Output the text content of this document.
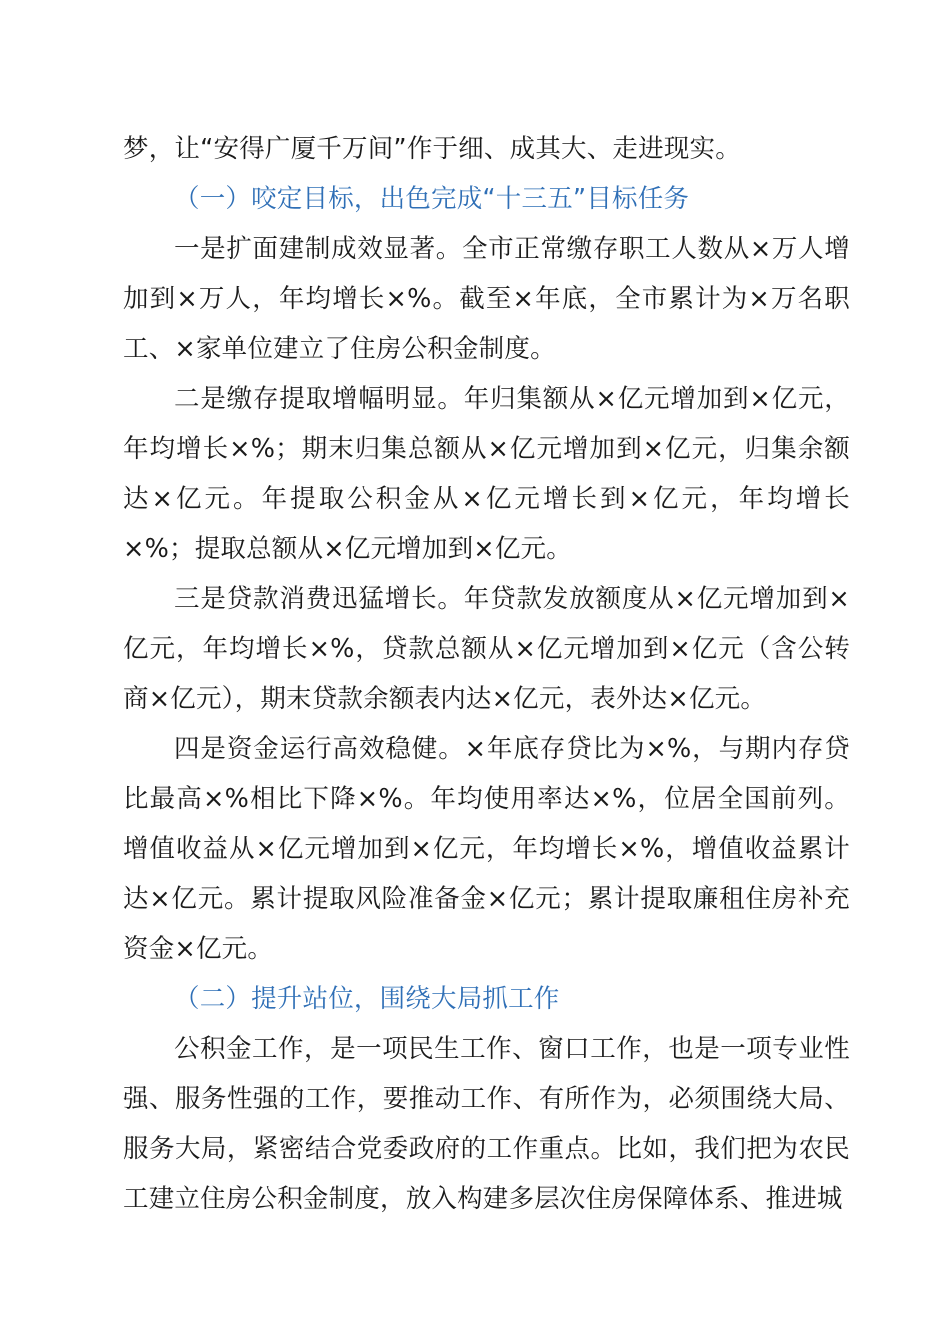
梦，让“安得广厦千万间”作于细、成其大、走进现实。

（一）咬定目标，出色完成“十三五”目标任务

一是扩面建制成效显著。全市正常缴存职工人数从×万人增加到×万人，年均增长×%。截至×年底，全市累计为×万名职工、×家单位建立了住房公积金制度。

二是缴存提取增幅明显。年归集额从×亿元增加到×亿元，年均增长×%；期末归集总额从×亿元增加到×亿元，归集余额达×亿元。年提取公积金从×亿元增长到×亿元，年均增长×%；提取总额从×亿元增加到×亿元。

三是贷款消费迅猛增长。年贷款发放额度从×亿元增加到×亿元，年均增长×%，贷款总额从×亿元增加到×亿元（含公转商×亿元），期末贷款余额表内达×亿元，表外达×亿元。

四是资金运行高效稳健。×年底存贷比为×%，与期内存贷比最高×%相比下降×%。年均使用率达×%，位居全国前列。增值收益从×亿元增加到×亿元，年均增长×%，增值收益累计达×亿元。累计提取风险准备金×亿元；累计提取廉租住房补充资金×亿元。

（二）提升站位，围绕大局抓工作

公积金工作，是一项民生工作、窗口工作，也是一项专业性强、服务性强的工作，要推动工作、有所作为，必须围绕大局、服务大局，紧密结合党委政府的工作重点。比如，我们把为农民工建立住房公积金制度，放入构建多层次住房保障体系、推进城
